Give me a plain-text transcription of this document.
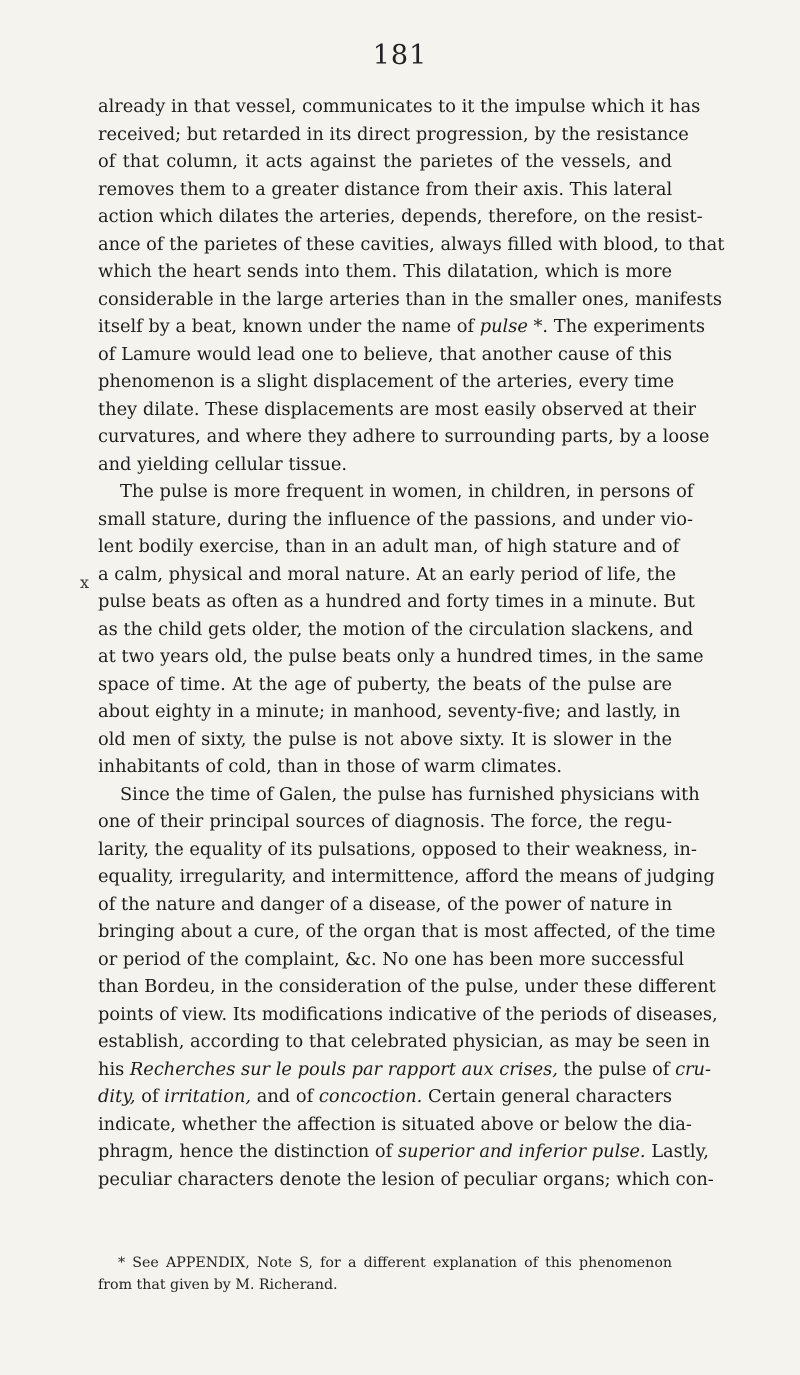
181
x
already in that vessel, communicates to it the impulse which it has
received; but retarded in its direct progression, by the resistance
of that column, it acts against the parietes of the vessels, and
removes them to a greater distance from their axis. This lateral
action which dilates the arteries, depends, therefore, on the resist-
ance of the parietes of these cavities, always filled with blood, to that
which the heart sends into them. This dilatation, which is more
considerable in the large arteries than in the smaller ones, manifests
itself by a beat, known under the name of pulse *. The experiments
of Lamure would lead one to believe, that another cause of this
phenomenon is a slight displacement of the arteries, every time
they dilate. These displacements are most easily observed at their
curvatures, and where they adhere to surrounding parts, by a loose
and yielding cellular tissue.
The pulse is more frequent in women, in children, in persons of
small stature, during the influence of the passions, and under vio-
lent bodily exercise, than in an adult man, of high stature and of
a calm, physical and moral nature. At an early period of life, the
pulse beats as often as a hundred and forty times in a minute. But
as the child gets older, the motion of the circulation slackens, and
at two years old, the pulse beats only a hundred times, in the same
space of time. At the age of puberty, the beats of the pulse are
about eighty in a minute; in manhood, seventy-five; and lastly, in
old men of sixty, the pulse is not above sixty. It is slower in the
inhabitants of cold, than in those of warm climates.
Since the time of Galen, the pulse has furnished physicians with
one of their principal sources of diagnosis. The force, the regu-
larity, the equality of its pulsations, opposed to their weakness, in-
equality, irregularity, and intermittence, afford the means of judging
of the nature and danger of a disease, of the power of nature in
bringing about a cure, of the organ that is most affected, of the time
or period of the complaint, &c. No one has been more successful
than Bordeu, in the consideration of the pulse, under these different
points of view. Its modifications indicative of the periods of diseases,
establish, according to that celebrated physician, as may be seen in
his Recherches sur le pouls par rapport aux crises, the pulse of cru-
dity, of irritation, and of concoction. Certain general characters
indicate, whether the affection is situated above or below the dia-
phragm, hence the distinction of superior and inferior pulse. Lastly,
peculiar characters denote the lesion of peculiar organs; which con-
* See APPENDIX, Note S, for a different explanation of this phenomenon
from that given by M. Richerand.
